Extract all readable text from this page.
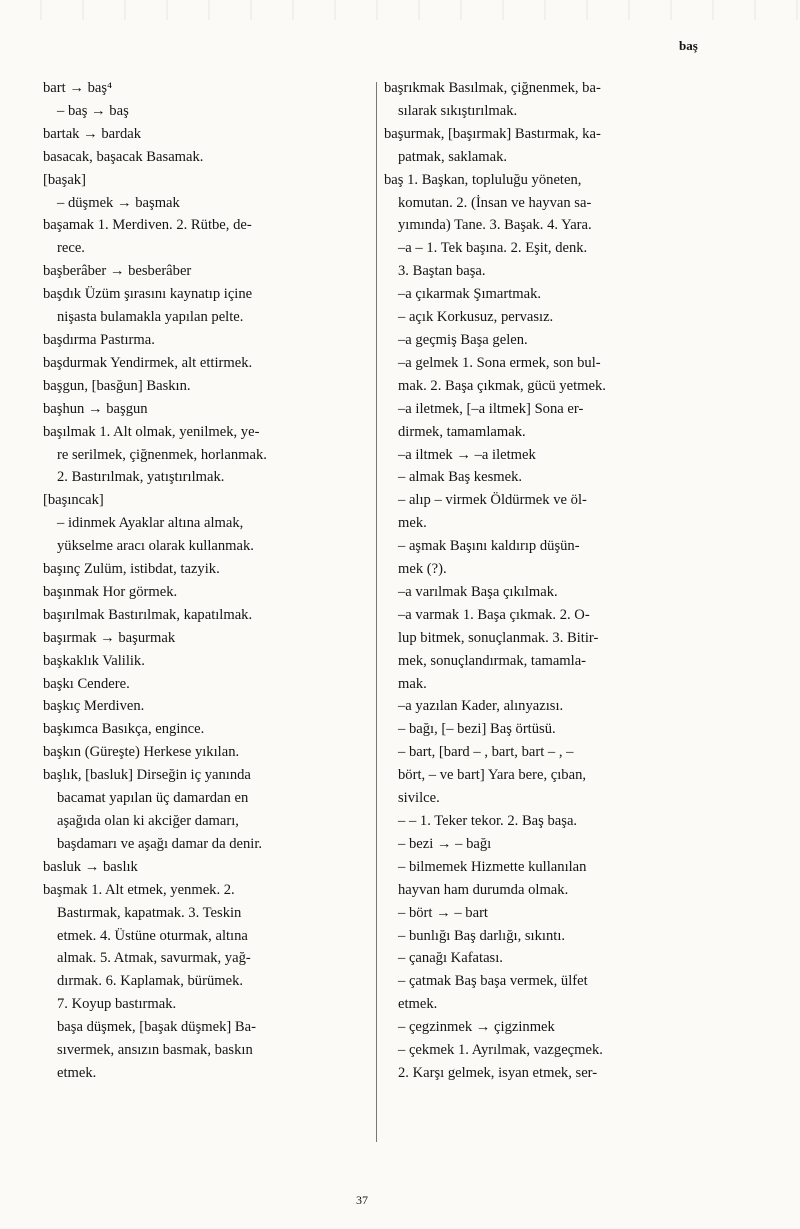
baş
bart → baş⁴
– baş → baş
bartak → bardak
basacak, başacak Basamak.
[başak]
– düşmek → başmak
başamak 1. Merdiven. 2. Rütbe, de-
rece.
başberâber → besberâber
başdık Üzüm şırasını kaynatıp içine
nişasta bulamakla yapılan pelte.
başdırma Pastırma.
başdurmak Yendirmek, alt ettirmek.
başgun, [basğun] Baskın.
başhun → başgun
başılmak 1. Alt olmak, yenilmek, ye-
re serilmek, çiğnenmek, horlanmak.
2. Bastırılmak, yatıştırılmak.
[başıncak]
– idinmek Ayaklar altına almak,
yükselme aracı olarak kullanmak.
başınç Zulüm, istibdat, tazyik.
başınmak Hor görmek.
başırılmak Bastırılmak, kapatılmak.
başırmak → başurmak
başkaklık Valilik.
başkı Cendere.
başkıç Merdiven.
başkımca Basıkça, engince.
başkın (Güreşte) Herkese yıkılan.
başlık, [basluk] Dirseğin iç yanında
bacamat yapılan üç damardan en
aşağıda olan ki akciğer damarı,
başdamarı ve aşağı damar da denir.
basluk → baslık
başmak 1. Alt etmek, yenmek. 2.
Bastırmak, kapatmak. 3. Teskin
etmek. 4. Üstüne oturmak, altına
almak. 5. Atmak, savurmak, yağ-
dırmak. 6. Kaplamak, bürümek.
7. Koyup bastırmak.
başa düşmek, [başak düşmek] Ba-
sıvermek, ansızın basmak, baskın
etmek.
başrıkmak Basılmak, çiğnenmek, ba-
sılarak sıkıştırılmak.
başurmak, [başırmak] Bastırmak, ka-
patmak, saklamak.
baş 1. Başkan, topluluğu yöneten,
komutan. 2. (İnsan ve hayvan sa-
yımında) Tane. 3. Başak. 4. Yara.
–a – 1. Tek başına. 2. Eşit, denk.
3. Baştan başa.
–a çıkarmak Şımartmak.
– açık Korkusuz, pervasız.
–a geçmiş Başa gelen.
–a gelmek 1. Sona ermek, son bul-
mak. 2. Başa çıkmak, gücü yetmek.
–a iletmek, [–a iltmek] Sona er-
dirmek, tamamlamak.
–a iltmek → –a iletmek
– almak Baş kesmek.
– alıp – virmek Öldürmek ve öl-
mek.
– aşmak Başını kaldırıp düşün-
mek (?).
–a varılmak Başa çıkılmak.
–a varmak 1. Başa çıkmak. 2. O-
lup bitmek, sonuçlanmak. 3. Bitir-
mek, sonuçlandırmak, tamamla-
mak.
–a yazılan Kader, alınyazısı.
– bağı, [– bezi] Baş örtüsü.
– bart, [bard – , bart, bart – , –
bört, – ve bart] Yara bere, çıban,
sivilce.
– – 1. Teker tekor. 2. Baş başa.
– bezi → – bağı
– bilmemek Hizmette kullanılan
hayvan ham durumda olmak.
– bört → – bart
– bunlığı Baş darlığı, sıkıntı.
– çanağı Kafatası.
– çatmak Baş başa vermek, ülfet
etmek.
– çegzinmek → çigzinmek
– çekmek 1. Ayrılmak, vazgeçmek.
2. Karşı gelmek, isyan etmek, ser-
37
